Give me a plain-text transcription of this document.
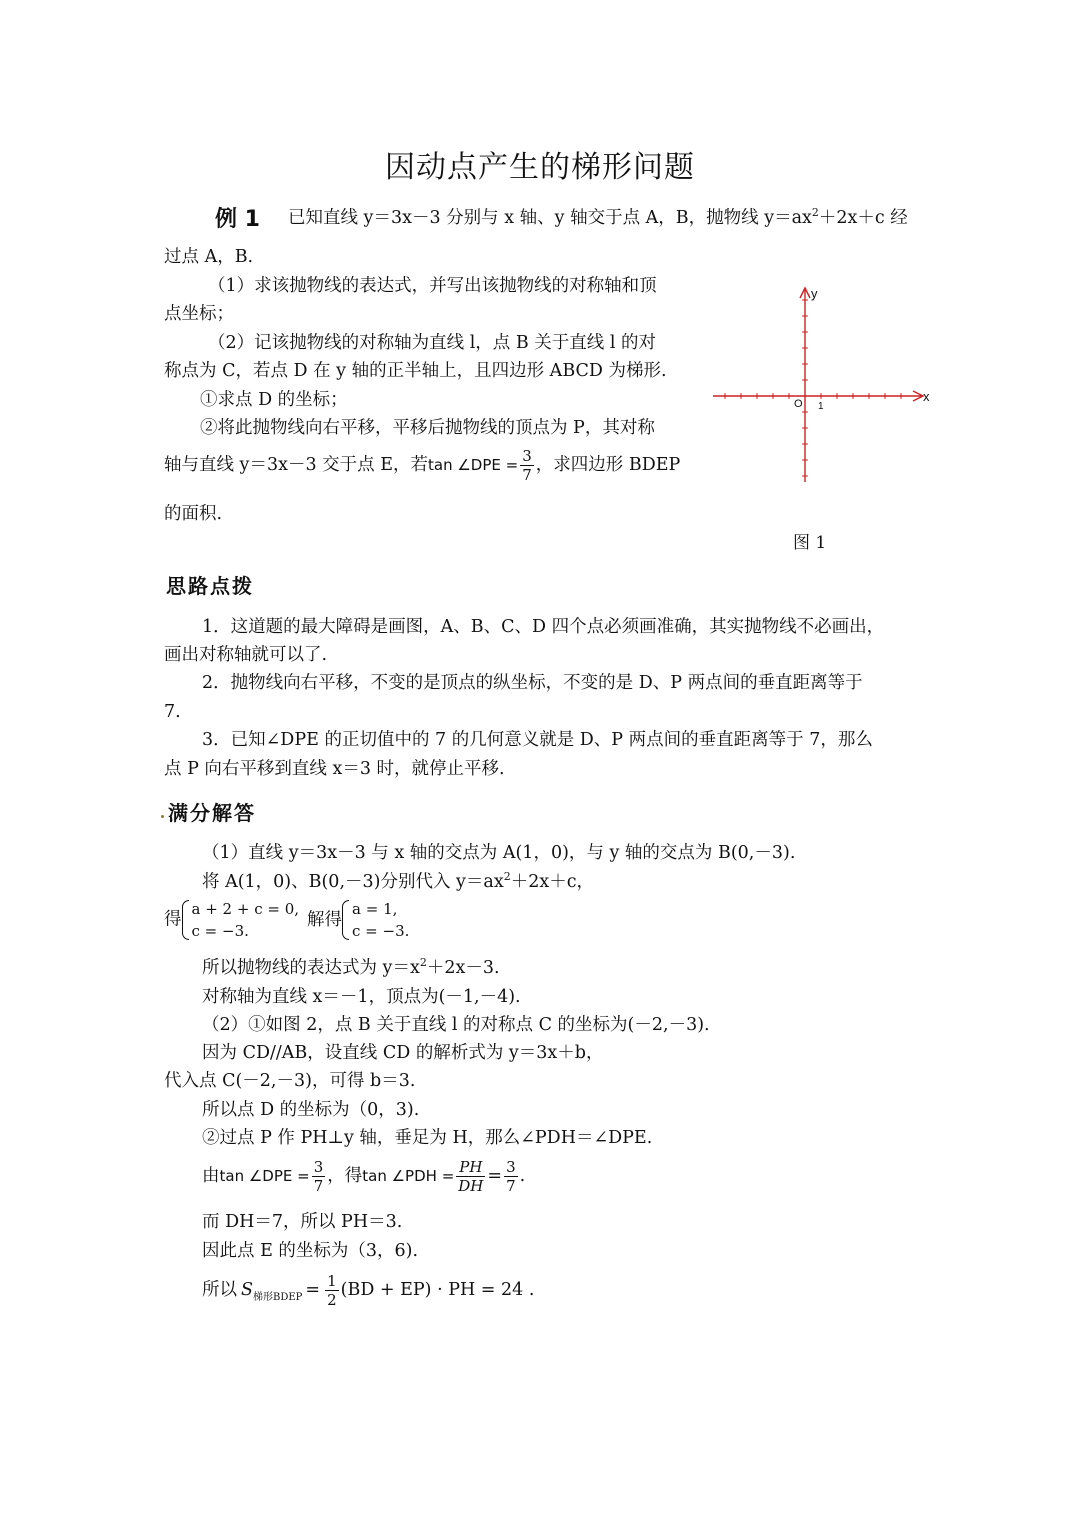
因动点产生的梯形问题
例 1 已知直线 y＝3x－3 分别与 x 轴、y 轴交于点 A，B，抛物线 $y=ax^2+2x+c$ 经
过点 A，B.
（1）求该抛物线的表达式，并写出该抛物线的对称轴和顶
点坐标；
（2）记该抛物线的对称轴为直线 l，点 B 关于直线 l 的对
称点为 C，若点 D 在 y 轴的正半轴上，且四边形 ABCD 为梯形.
①求点 D 的坐标；
②将此抛物线向右平移，平移后抛物线的顶点为 P，其对称
轴与直线 y＝3x－3 交于点 E，若tan ∠DPE = $\frac{3}{7}$ ，求四边形 BDEP
的面积.
y
x
O 1
图 1
思路点拨
1．这道题的最大障碍是画图，A、B、C、D 四个点必须画准确，其实抛物线不必画出，
画出对称轴就可以了.
2．抛物线向右平移，不变的是顶点的纵坐标，不变的是 D、P 两点间的垂直距离等于
7.
3．已知∠DPE 的正切值中的 7 的几何意义就是 D、P 两点间的垂直距离等于 7，那么
点 P 向右平移到直线 x＝3 时，就停止平移.
满分解答
（1）直线 y＝3x－3 与 x 轴的交点为 A(1，0)，与 y 轴的交点为 B(0,－3).
将 A(1，0)、B(0,－3)分别代入 $y=ax^2+2x+c$，
得
a + 2 + c = 0,
c = −3.
解得
a = 1,
c = −3.
所以抛物线的表达式为 $y=x^2+2x-3$.
对称轴为直线 x＝－1，顶点为(－1,－4).
（2）①如图 2，点 B 关于直线 l 的对称点 C 的坐标为(－2,－3).
因为 CD//AB，设直线 CD 的解析式为 y＝3x＋b，
代入点 C(－2,－3)，可得 b＝3.
所以点 D 的坐标为（0，3).
②过点 P 作 PH⊥y 轴，垂足为 H，那么∠PDH＝∠DPE.
由tan ∠DPE = $\frac{3}{7}$ ，得tan ∠PDH = $\frac{PH}{DH} = \frac{3}{7}$ .
而 DH＝7，所以 PH＝3.
因此点 E 的坐标为（3，6).
所以 $S_{梯形BDEP} = \frac{1}{2} (BD + EP)$ · PH = 24 .
